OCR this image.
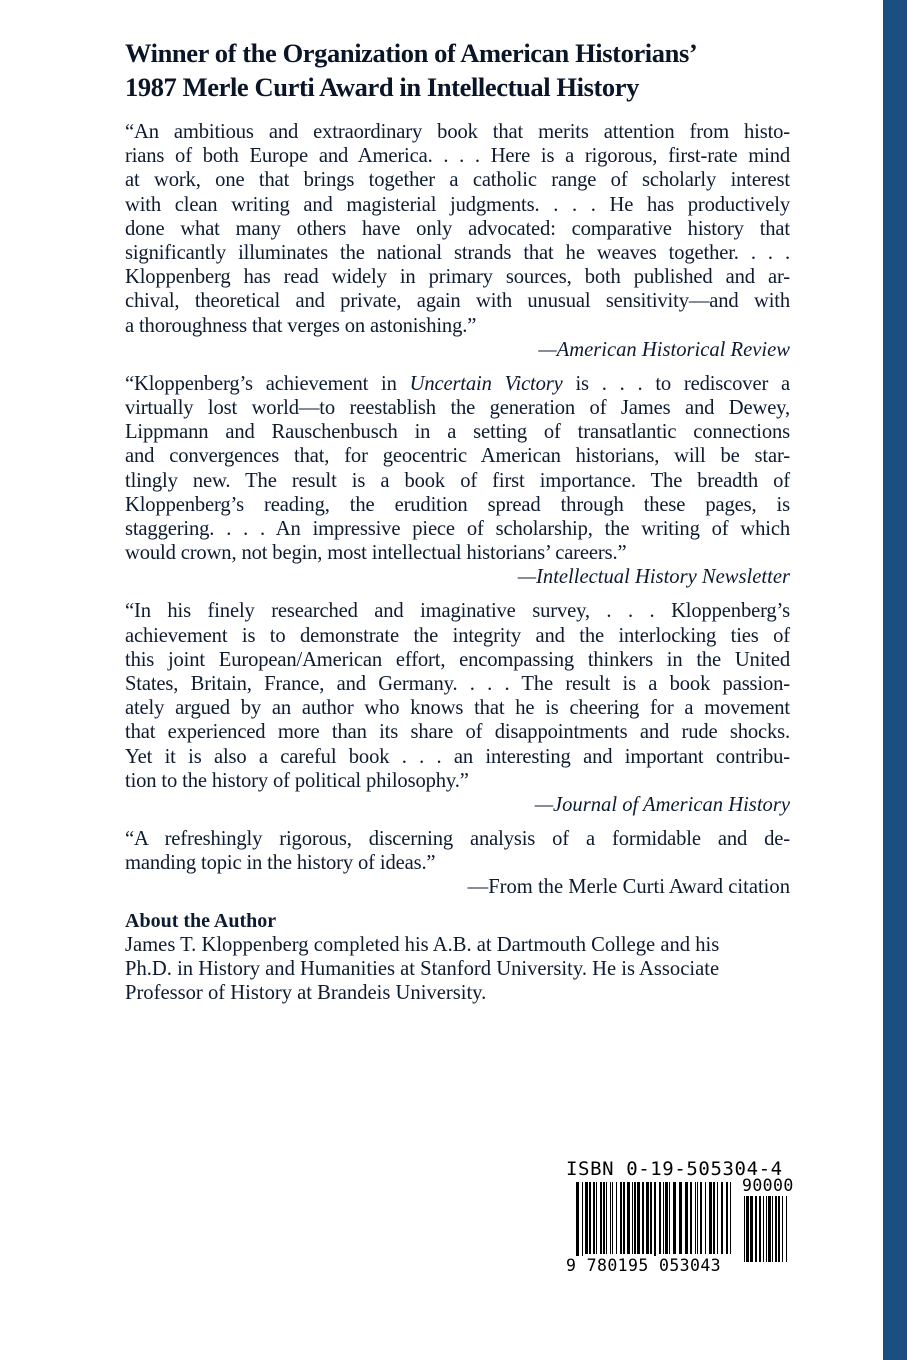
Winner of the Organization of American Historians’
1987 Merle Curti Award in Intellectual History
“An ambitious and extraordinary book that merits attention from histo-
rians of both Europe and America. . . . Here is a rigorous, first-rate mind
at work, one that brings together a catholic range of scholarly interest
with clean writing and magisterial judgments. . . . He has productively
done what many others have only advocated: comparative history that
significantly illuminates the national strands that he weaves together. . . .
Kloppenberg has read widely in primary sources, both published and ar-
chival, theoretical and private, again with unusual sensitivity—and with
a thoroughness that verges on astonishing.”
—American Historical Review
“Kloppenberg’s achievement in Uncertain Victory is . . . to rediscover a
virtually lost world—to reestablish the generation of James and Dewey,
Lippmann and Rauschenbusch in a setting of transatlantic connections
and convergences that, for geocentric American historians, will be star-
tlingly new. The result is a book of first importance. The breadth of
Kloppenberg’s reading, the erudition spread through these pages, is
staggering. . . . An impressive piece of scholarship, the writing of which
would crown, not begin, most intellectual historians’ careers.”
—Intellectual History Newsletter
“In his finely researched and imaginative survey, . . . Kloppenberg’s
achievement is to demonstrate the integrity and the interlocking ties of
this joint European/American effort, encompassing thinkers in the United
States, Britain, France, and Germany. . . . The result is a book passion-
ately argued by an author who knows that he is cheering for a movement
that experienced more than its share of disappointments and rude shocks.
Yet it is also a careful book . . . an interesting and important contribu-
tion to the history of political philosophy.”
—Journal of American History
“A refreshingly rigorous, discerning analysis of a formidable and de-
manding topic in the history of ideas.”
—From the Merle Curti Award citation
About the Author
James T. Kloppenberg completed his A.B. at Dartmouth College and his
Ph.D. in History and Humanities at Stanford University. He is Associate
Professor of History at Brandeis University.
ISBN 0-19-505304-4
90000
9 780195 053043
